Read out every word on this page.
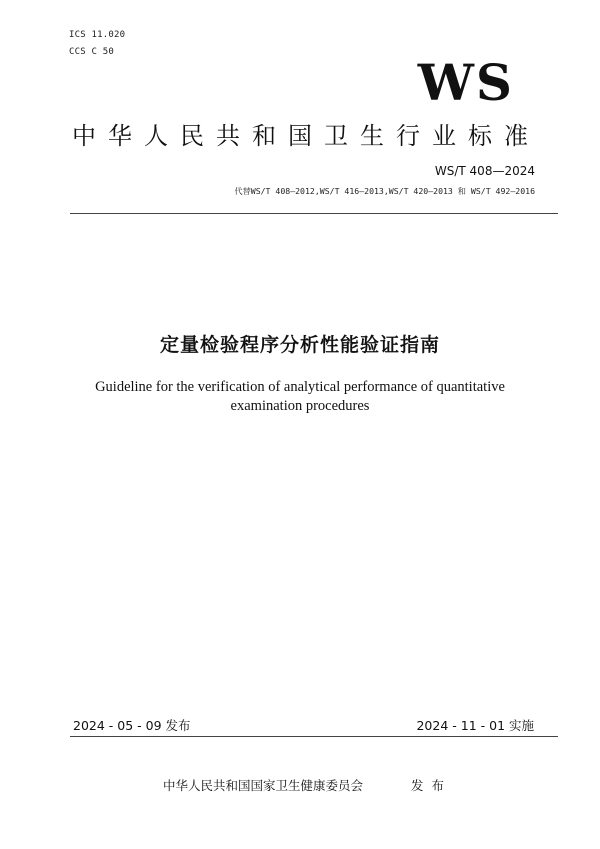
ICS 11.020
CCS C 50
WS
中华人民共和国卫生行业标准
WS/T 408—2024
代替WS/T 408—2012,WS/T 416—2013,WS/T 420—2013 和 WS/T 492—2016
定量检验程序分析性能验证指南
Guideline for the verification of analytical performance of quantitative examination procedures
2024 - 05 - 09 发布	2024 - 11 - 01 实施
中华人民共和国国家卫生健康委员会	发布
